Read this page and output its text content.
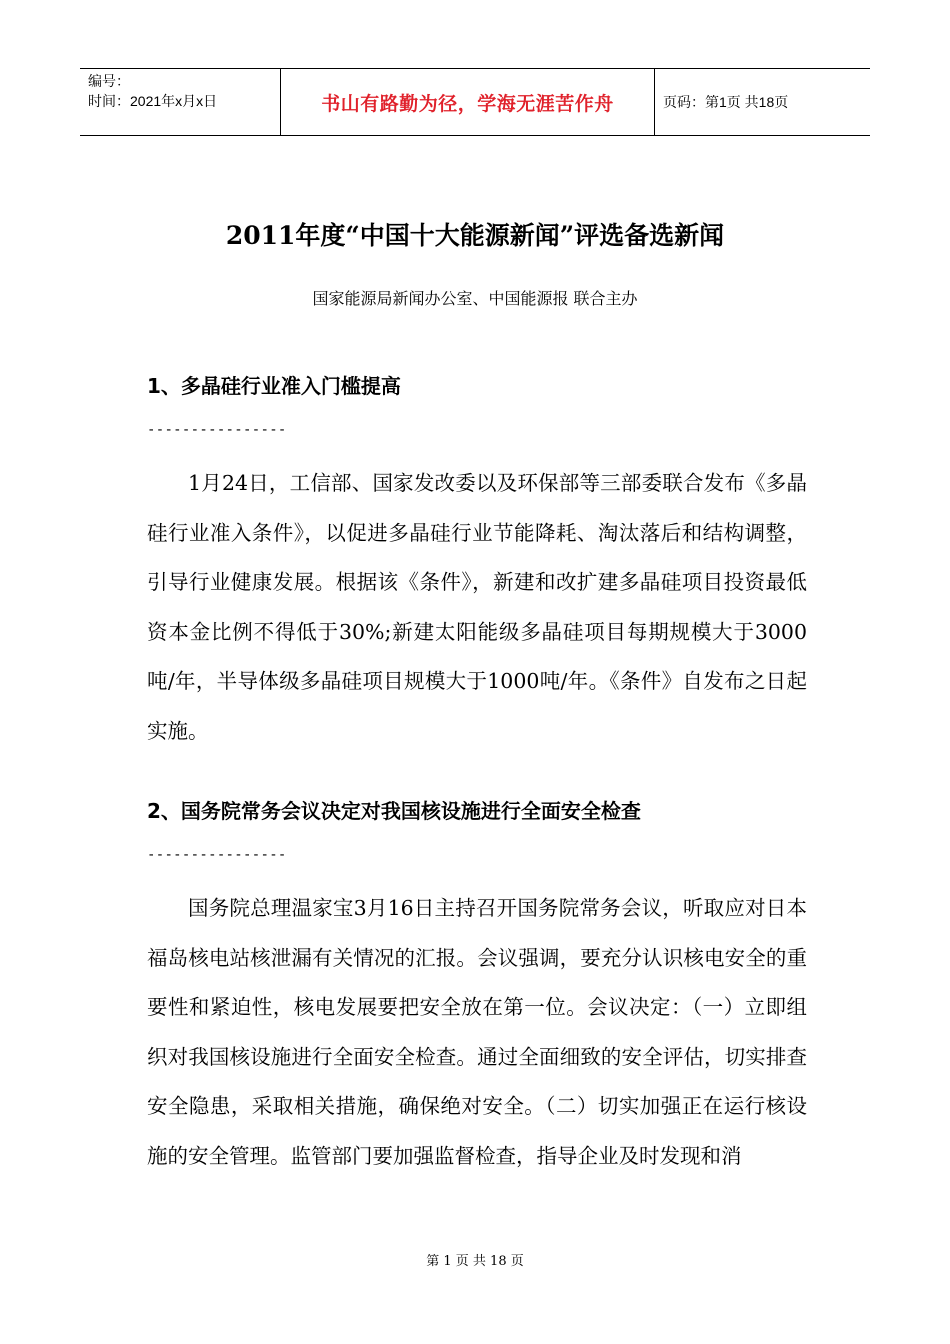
编号：
时间：2021年x月x日	书山有路勤为径，学海无涯苦作舟	页码：第1页 共18页
2011年度“中国十大能源新闻”评选备选新闻
国家能源局新闻办公室、中国能源报 联合主办
1、多晶硅行业准入门槛提高
----------------

1月24日，工信部、国家发改委以及环保部等三部委联合发布《多晶硅行业准入条件》，以促进多晶硅行业节能降耗、淘汰落后和结构调整，引导行业健康发展。根据该《条件》，新建和改扩建多晶硅项目投资最低资本金比例不得低于30%;新建太阳能级多晶硅项目每期规模大于3000吨/年，半导体级多晶硅项目规模大于1000吨/年。《条件》自发布之日起实施。

2、国务院常务会议决定对我国核设施进行全面安全检查
----------------

国务院总理温家宝3月16日主持召开国务院常务会议，听取应对日本福岛核电站核泄漏有关情况的汇报。会议强调，要充分认识核电安全的重要性和紧迫性，核电发展要把安全放在第一位。会议决定：（一）立即组织对我国核设施进行全面安全检查。通过全面细致的安全评估，切实排查安全隐患，采取相关措施，确保绝对安全。（二）切实加强正在运行核设施的安全管理。监管部门要加强监督检查，指导企业及时发现和消

第 1 页 共 18 页
